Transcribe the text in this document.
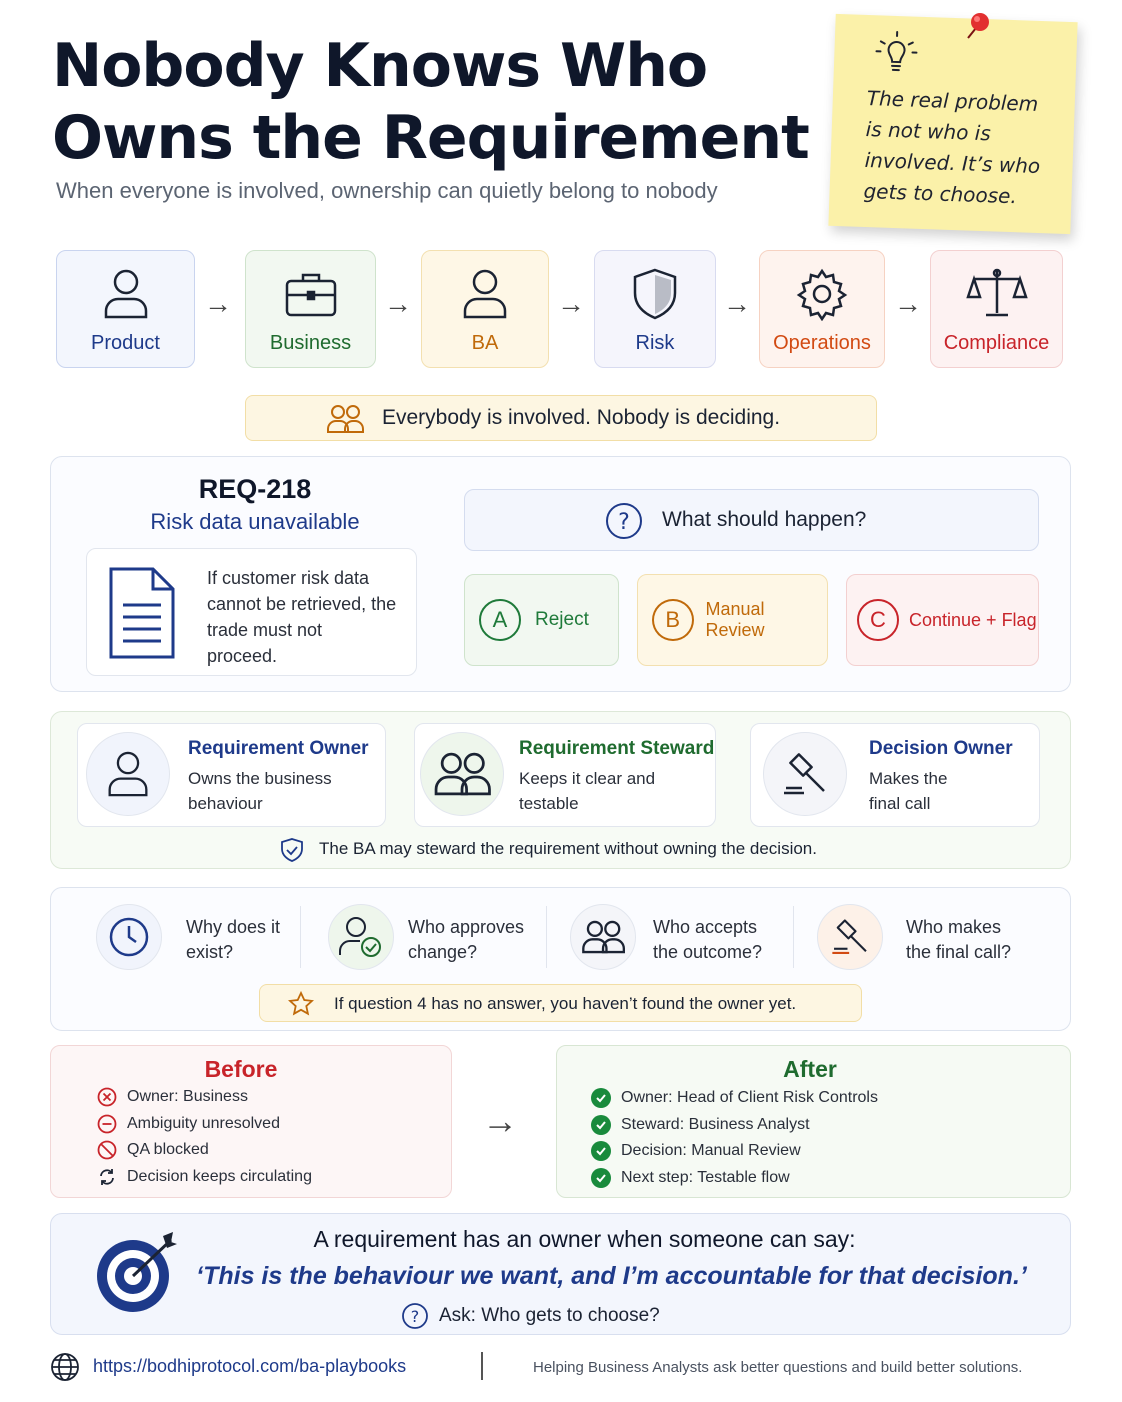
Nobody Knows Who Owns the Requirement
When everyone is involved, ownership can quietly belong to nobody
The real problem is not who is involved. It’s who gets to choose.
Product
→
Business
→
BA
→
Risk
→
Operations
→
Compliance
Everybody is involved. Nobody is deciding.
REQ-218
Risk data unavailable
If customer risk data cannot be retrieved, the trade must not proceed.
? What should happen?
A	Reject	B	Manual Review	C	Continue + Flag
Requirement Owner
Owns the business behaviour
Requirement Steward
Keeps it clear and testable
Decision Owner
Makes the final call
The BA may steward the requirement without owning the decision.
Why does it exist?
Who approves change?
Who accepts the outcome?
Who makes the final call?
If question 4 has no answer, you haven’t found the owner yet.
Before
Owner: Business
Ambiguity unresolved
QA blocked
Decision keeps circulating
→
After
Owner: Head of Client Risk Controls
Steward: Business Analyst
Decision: Manual Review
Next step: Testable flow
A requirement has an owner when someone can say:
‘This is the behaviour we want, and I’m accountable for that decision.’
? Ask: Who gets to choose?
https://bodhiprotocol.com/ba-playbooks	Helping Business Analysts ask better questions and build better solutions.
